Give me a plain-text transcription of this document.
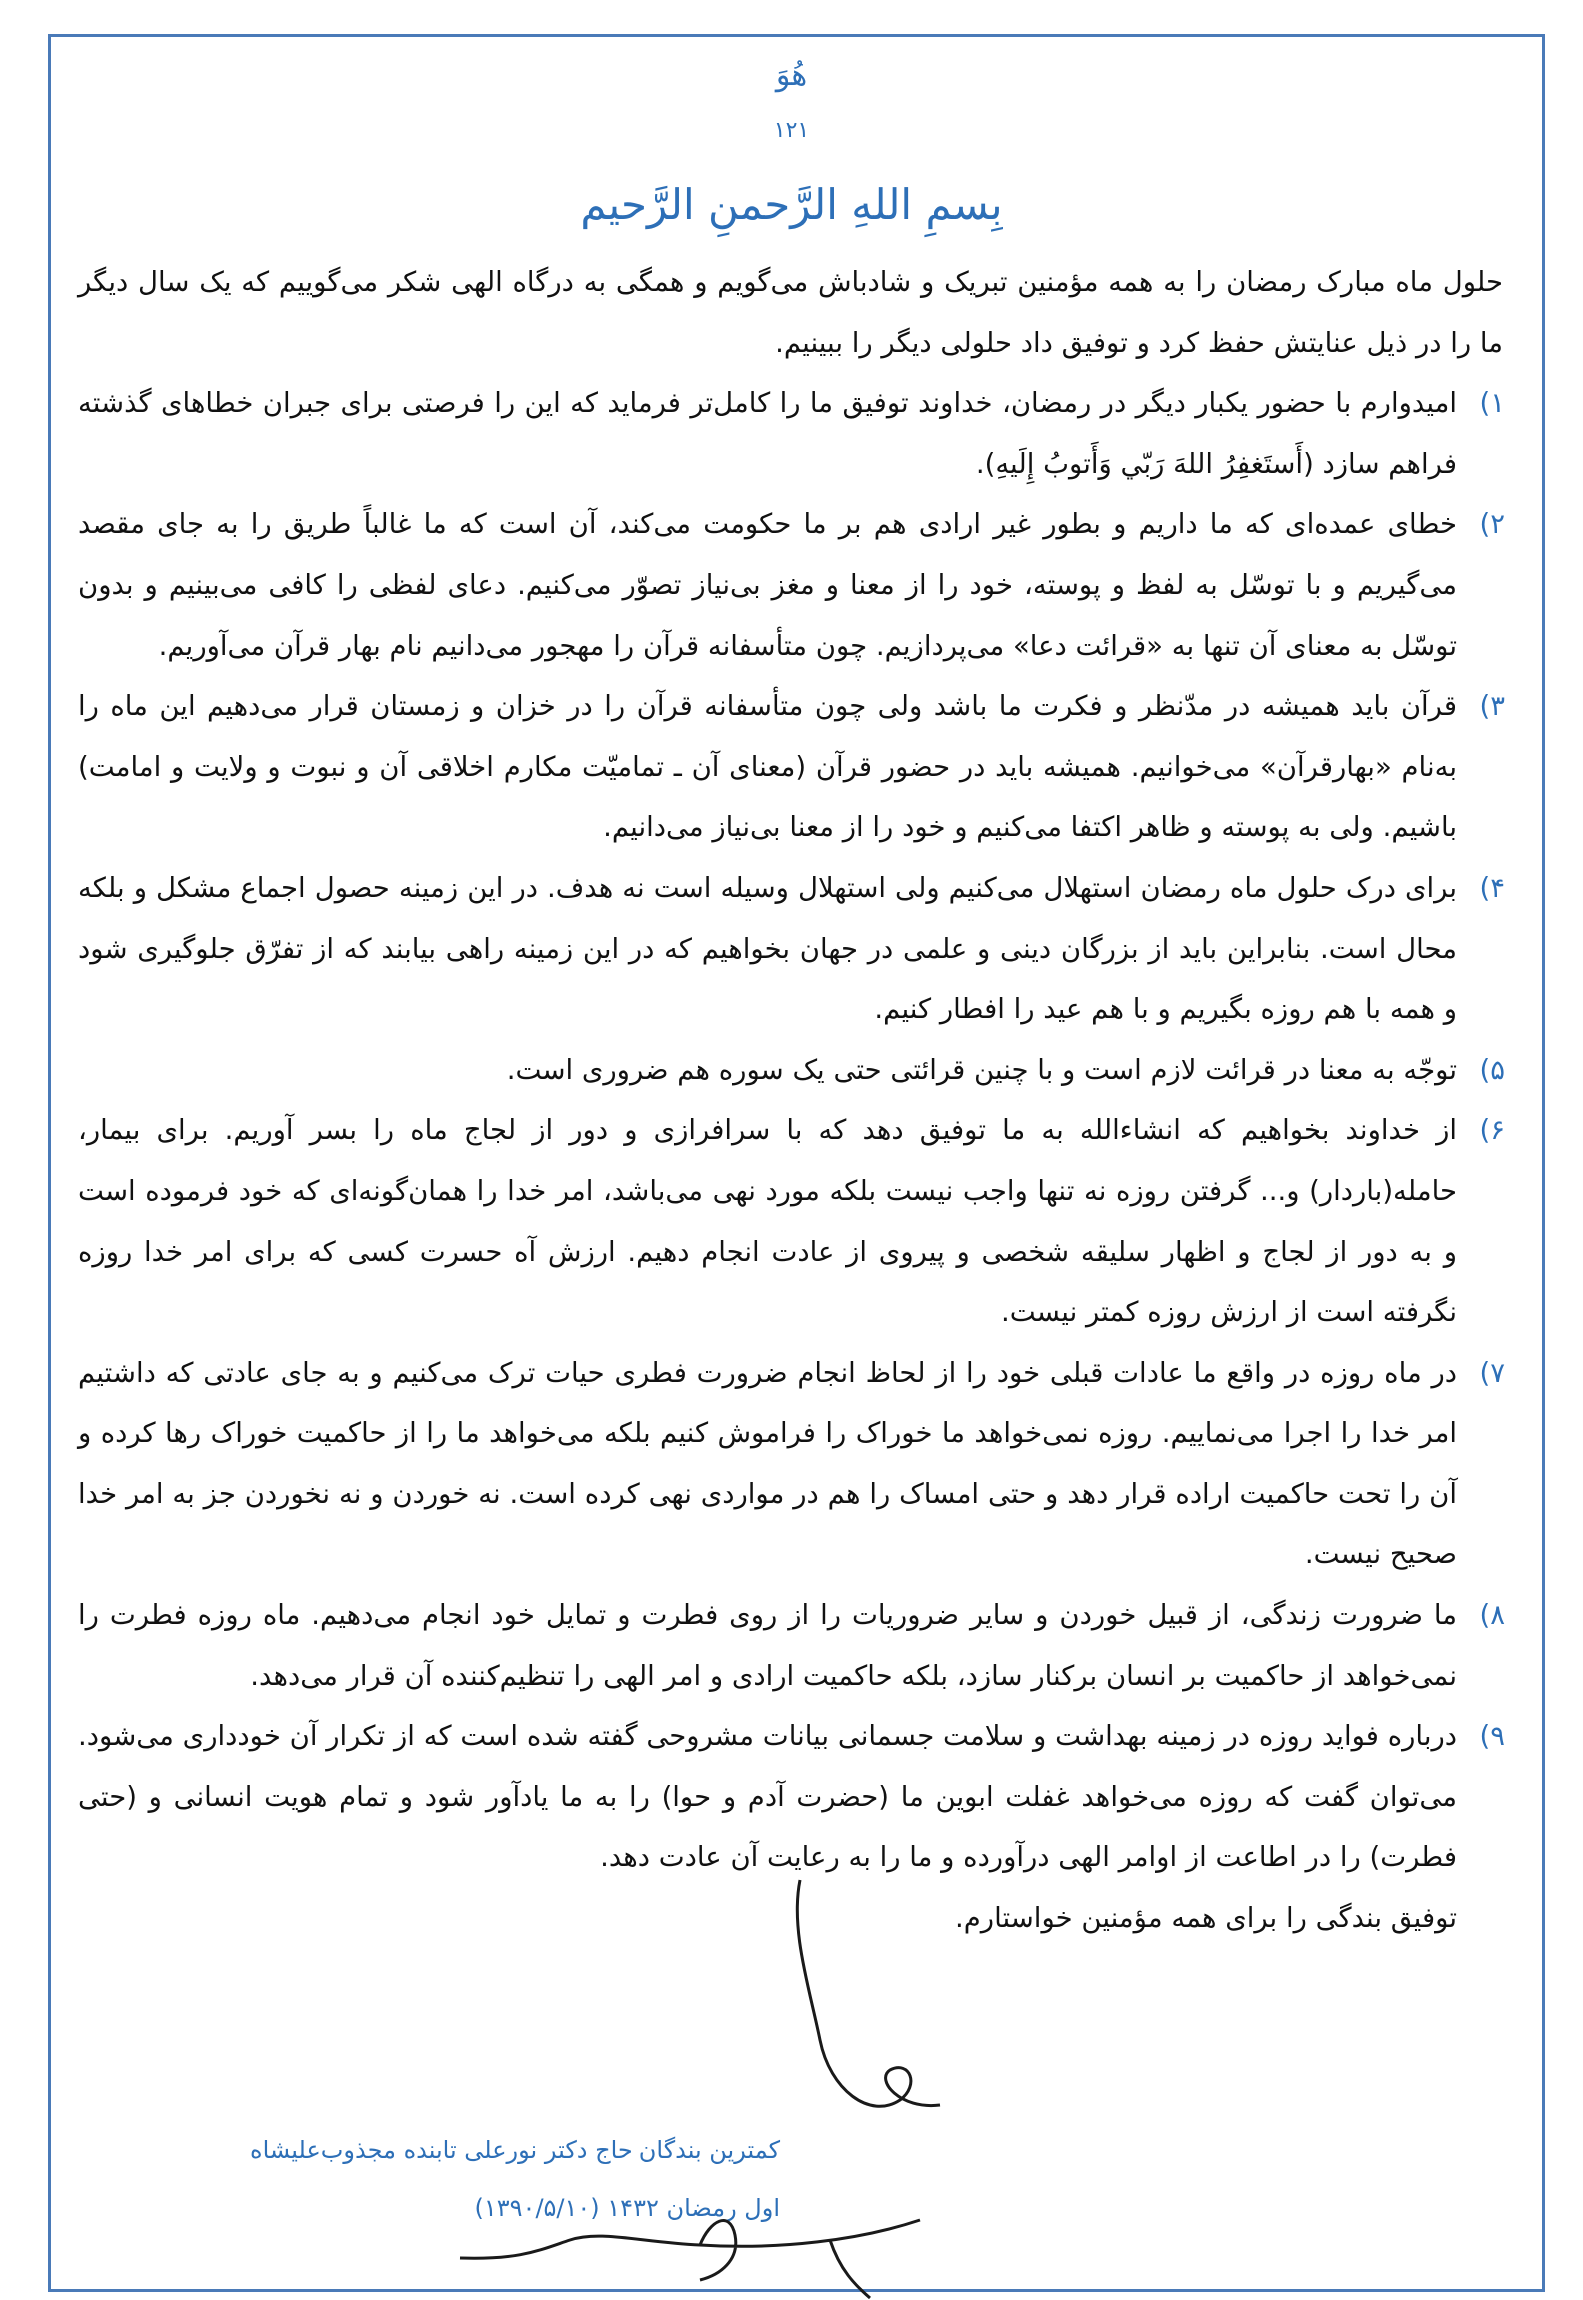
هُوَ
١٢١
بِسمِ اللهِ الرَّحمنِ الرَّحیم

حلول ماه مبارک رمضان را به همه مؤمنین تبریک و شادباش می‌گویم و همگی به درگاه الهی شکر می‌گوییم که یک سال دیگر ما را در ذیل عنایتش حفظ کرد و توفیق داد حلولی دیگر را ببینیم.

١)
امیدوارم با حضور یکبار دیگر در رمضان، خداوند توفیق ما را کامل‌تر فرماید که این را فرصتی برای جبران خطاهای گذشته فراهم سازد (أَستَغفِرُ اللهَ رَبّي وَأَتوبُ إِلَيهِ).
٢)
خطای عمده‌ای که ما داریم و بطور غیر ارادی هم بر ما حکومت می‌کند، آن است که ما غالباً طریق را به جای مقصد می‌گیریم و با توسّل به لفظ و پوسته، خود را از معنا و مغز بی‌نیاز تصوّر می‌کنیم. دعای لفظی را کافی می‌بینیم و بدون توسّل به معنای آن تنها به «قرائت دعا» می‌پردازیم. چون متأسفانه قرآن را مهجور می‌دانیم نام بهار قرآن می‌آوریم.
٣)
قرآن باید همیشه در مدّنظر و فکرت ما باشد ولی چون متأسفانه قرآن را در خزان و زمستان قرار می‌دهیم این ماه را به‌نام «بهارقرآن» می‌خوانیم. همیشه باید در حضور قرآن (معنای آن ـ تمامیّت مکارم اخلاقی آن و نبوت و ولایت و امامت) باشیم. ولی به پوسته و ظاهر اکتفا می‌کنیم و خود را از معنا بی‌نیاز می‌دانیم.
۴)
برای درک حلول ماه رمضان استهلال می‌کنیم ولی استهلال وسیله است نه هدف. در این زمینه حصول اجماع مشکل و بلکه محال است. بنابراین باید از بزرگان دینی و علمی در جهان بخواهیم که در این زمینه راهی بیابند که از تفرّق جلوگیری شود و همه با هم روزه بگیریم و با هم عید را افطار کنیم.
۵)
توجّه به معنا در قرائت لازم است و با چنین قرائتی حتی یک سوره هم ضروری است.
۶)
از خداوند بخواهیم که انشاءالله به ما توفیق دهد که با سرافرازی و دور از لجاج ماه را بسر آوریم. برای بیمار، حامله(باردار) و... گرفتن روزه نه تنها واجب نیست بلکه مورد نهی می‌باشد، امر خدا را همان‌گونه‌ای که خود فرموده است و به دور از لجاج و اظهار سلیقه شخصی و پیروی از عادت انجام دهیم. ارزش آه حسرت کسی که برای امر خدا روزه نگرفته است از ارزش روزه کمتر نیست.
٧)
در ماه روزه در واقع ما عادات قبلی خود را از لحاظ انجام ضرورت فطری حیات ترک می‌کنیم و به جای عادتی که داشتیم امر خدا را اجرا می‌نماییم. روزه نمی‌خواهد ما خوراک را فراموش کنیم بلکه می‌خواهد ما را از حاکمیت خوراک رها کرده و آن را تحت حاکمیت اراده قرار دهد و حتی امساک را هم در مواردی نهی کرده است. نه خوردن و نه نخوردن جز به امر خدا صحیح نیست.
٨)
ما ضرورت زندگی، از قبیل خوردن و سایر ضروریات را از روی فطرت و تمایل خود انجام می‌دهیم. ماه روزه فطرت را نمی‌خواهد از حاکمیت بر انسان برکنار سازد، بلکه حاکمیت ارادی و امر الهی را تنظیم‌کننده آن قرار می‌دهد.
٩)
درباره فواید روزه در زمینه بهداشت و سلامت جسمانی بیانات مشروحی گفته شده است که از تکرار آن خودداری می‌شود. می‌توان گفت که روزه می‌خواهد غفلت ابوین ما (حضرت آدم و حوا) را به ما یادآور شود و تمام هویت انسانی و (حتی فطرت) را در اطاعت از اوامر الهی درآورده و ما را به رعایت آن عادت دهد.

توفیق بندگی را برای همه مؤمنین خواستارم.

کمترین بندگان
حاج دکتر نورعلی تابنده مجذوب‌علیشاه
اول رمضان ۱۴۳۲ (۱۳۹۰/۵/۱۰)
